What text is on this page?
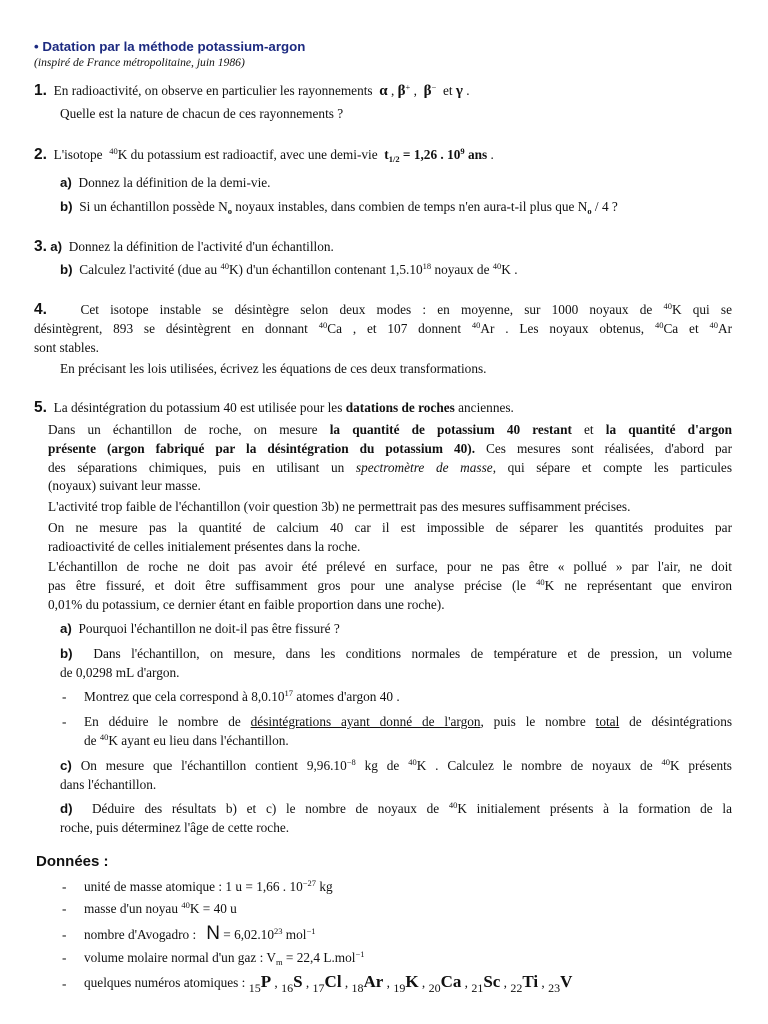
• Datation par la méthode potassium-argon
(inspiré de France métropolitaine, juin 1986)
1. En radioactivité, on observe en particulier les rayonnements α , β+ ,  β−  et γ .
Quelle est la nature de chacun de ces rayonnements ?
2. L'isotope $^{40}$K du potassium est radioactif, avec une demi-vie $t_{1/2} = 1,26$ . $10^9$ ans .
a) Donnez la définition de la demi-vie.
b) Si un échantillon possède $N_o$ noyaux instables, dans combien de temps n'en aura-t-il plus que $N_o / 4$ ?
3. a) Donnez la définition de l'activité d'un échantillon.
b) Calculez l'activité (due au $^{40}$K) d'un échantillon contenant 1,5.10$^{18}$ noyaux de $^{40}$K .
4.	Cet isotope instable se désintègre selon deux modes : en moyenne, sur 1000 noyaux de $^{40}$K qui se
désintègrent, 893 se désintègrent en donnant $^{40}$Ca , et 107 donnent $^{40}$Ar . Les noyaux obtenus, $^{40}$Ca et $^{40}$Ar
sont stables.
En précisant les lois utilisées, écrivez les équations de ces deux transformations.
5. La désintégration du potassium 40 est utilisée pour les datations de roches anciennes.
Dans un échantillon de roche, on mesure la quantité de potassium 40 restant et la quantité d'argon
présente (argon fabriqué par la désintégration du potassium 40). Ces mesures sont réalisées, d'abord par
des séparations chimiques, puis en utilisant un spectromètre de masse, qui sépare et compte les particules
(noyaux) suivant leur masse.
L'activité trop faible de l'échantillon (voir question 3b) ne permettrait pas des mesures suffisamment précises.
On ne mesure pas la quantité de calcium 40 car il est impossible de séparer les quantités produites par
radioactivité de celles initialement présentes dans la roche.
L'échantillon de roche ne doit pas avoir été prélevé en surface, pour ne pas être « pollué » par l'air, ne doit
pas être fissuré, et doit être suffisamment gros pour une analyse précise (le $^{40}$K ne représentant que environ
0,01% du potassium, ce dernier étant en faible proportion dans une roche).
a) Pourquoi l'échantillon ne doit-il pas être fissuré ?
b) Dans l'échantillon, on mesure, dans les conditions normales de température et de pression, un volume
de 0,0298 mL d'argon.
- Montrez que cela correspond à 8,0.10$^{17}$ atomes d'argon 40 .
- En déduire le nombre de désintégrations ayant donné de l'argon, puis le nombre total de désintégrations
de $^{40}$K ayant eu lieu dans l'échantillon.
c) On mesure que l'échantillon contient $9,96.10^{-8}$ kg de $^{40}$K . Calculez le nombre de noyaux de $^{40}$K présents
dans l'échantillon.
d) Déduire des résultats b) et c) le nombre de noyaux de $^{40}$K initialement présents à la formation de la
roche, puis déterminez l'âge de cette roche.
Données :
- unité de masse atomique : 1 u = 1,66 . $10^{-27}$ kg
- masse d'un noyau $^{40}$K = 40 u
- nombre d'Avogadro : $N = 6,02.10^{23}$ mol$^{-1}$
- volume molaire normal d'un gaz : $V_m = 22,4$ L.mol$^{-1}$
- quelques numéros atomiques : $_{15}$P , $_{16}$S , $_{17}$Cl , $_{18}$Ar , $_{19}$K , $_{20}$Ca , $_{21}$Sc , $_{22}$Ti , $_{23}$V
